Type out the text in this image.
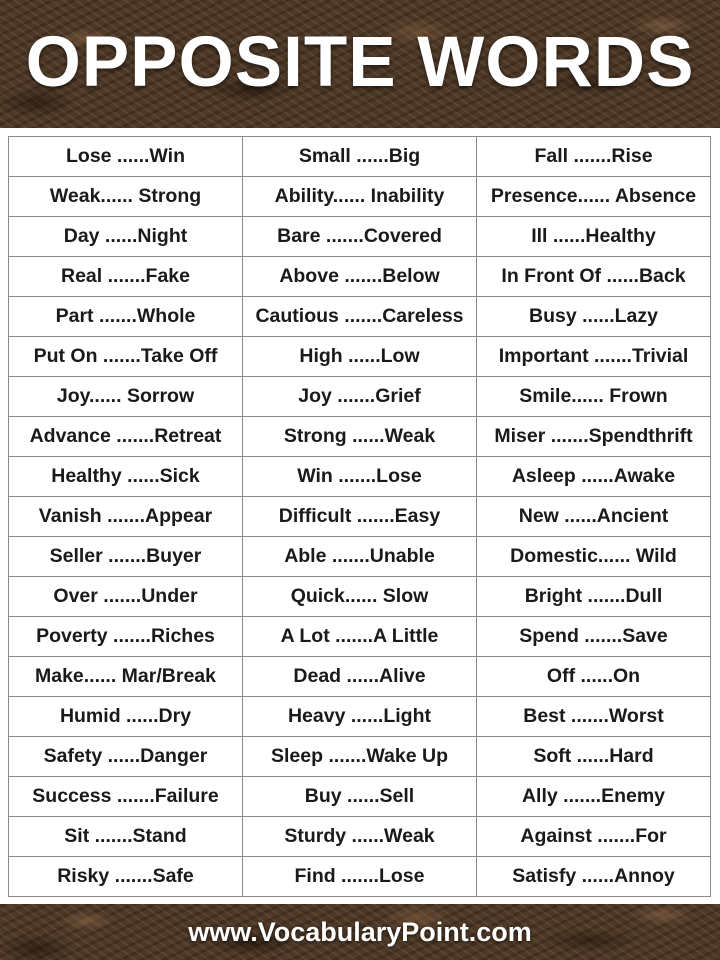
OPPOSITE WORDS
Lose ......Win	Small ......Big	Fall .......Rise
Weak...... Strong	Ability...... Inability	Presence...... Absence
Day ......Night	Bare .......Covered	Ill ......Healthy
Real .......Fake	Above .......Below	In Front Of ......Back
Part .......Whole	Cautious .......Careless	Busy ......Lazy
Put On .......Take Off	High ......Low	Important .......Trivial
Joy...... Sorrow	Joy .......Grief	Smile...... Frown
Advance .......Retreat	Strong ......Weak	Miser .......Spendthrift
Healthy ......Sick	Win .......Lose	Asleep ......Awake
Vanish .......Appear	Difficult .......Easy	New ......Ancient
Seller .......Buyer	Able .......Unable	Domestic...... Wild
Over .......Under	Quick...... Slow	Bright .......Dull
Poverty .......Riches	A Lot .......A Little	Spend .......Save
Make...... Mar/Break	Dead ......Alive	Off ......On
Humid ......Dry	Heavy ......Light	Best .......Worst
Safety ......Danger	Sleep .......Wake Up	Soft ......Hard
Success .......Failure	Buy ......Sell	Ally .......Enemy
Sit .......Stand	Sturdy ......Weak	Against .......For
Risky .......Safe	Find .......Lose	Satisfy ......Annoy
www.VocabularyPoint.com
